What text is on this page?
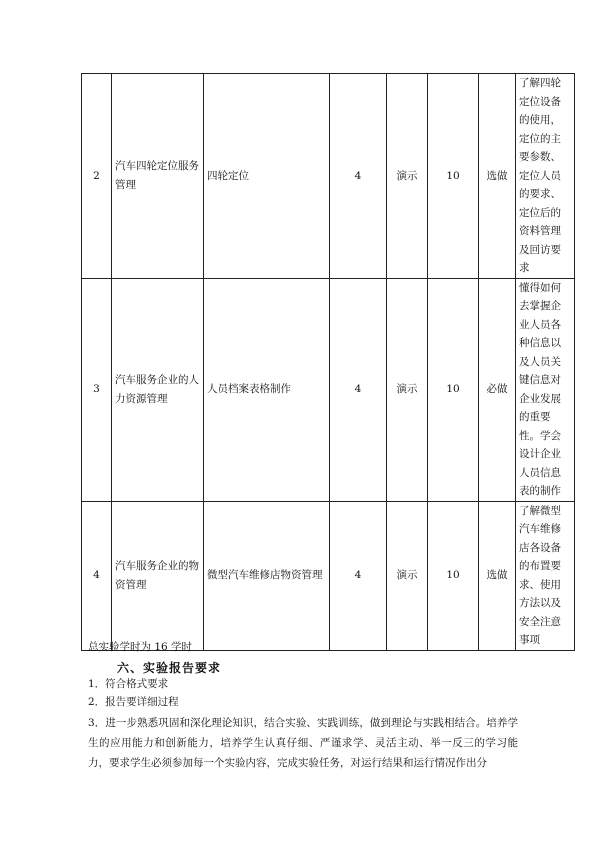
2	汽车四轮定位服务管理	四轮定位	4	演示	10	选做	了解四轮定位设备的使用，定位的主要参数、定位人员的要求、定位后的资料管理及回访要求
3	汽车服务企业的人力资源管理	人员档案表格制作	4	演示	10	必做	懂得如何去掌握企业人员各种信息以及人员关键信息对企业发展的重要性。学会设计企业人员信息表的制作
4	汽车服务企业的物资管理	微型汽车维修店物资管理	4	演示	10	选做	了解微型汽车维修店各设备的布置要求、使用方法以及安全注意事项
总实验学时为 16 学时
六、实验报告要求
1．符合格式要求
2．报告要详细过程
3．进一步熟悉巩固和深化理论知识，结合实验、实践训练，做到理论与实践相结合。培养学生的应用能力和创新能力，培养学生认真仔细、严谨求学、灵活主动、举一反三的学习能力，要求学生必须参加每一个实验内容，完成实验任务，对运行结果和运行情况作出分
